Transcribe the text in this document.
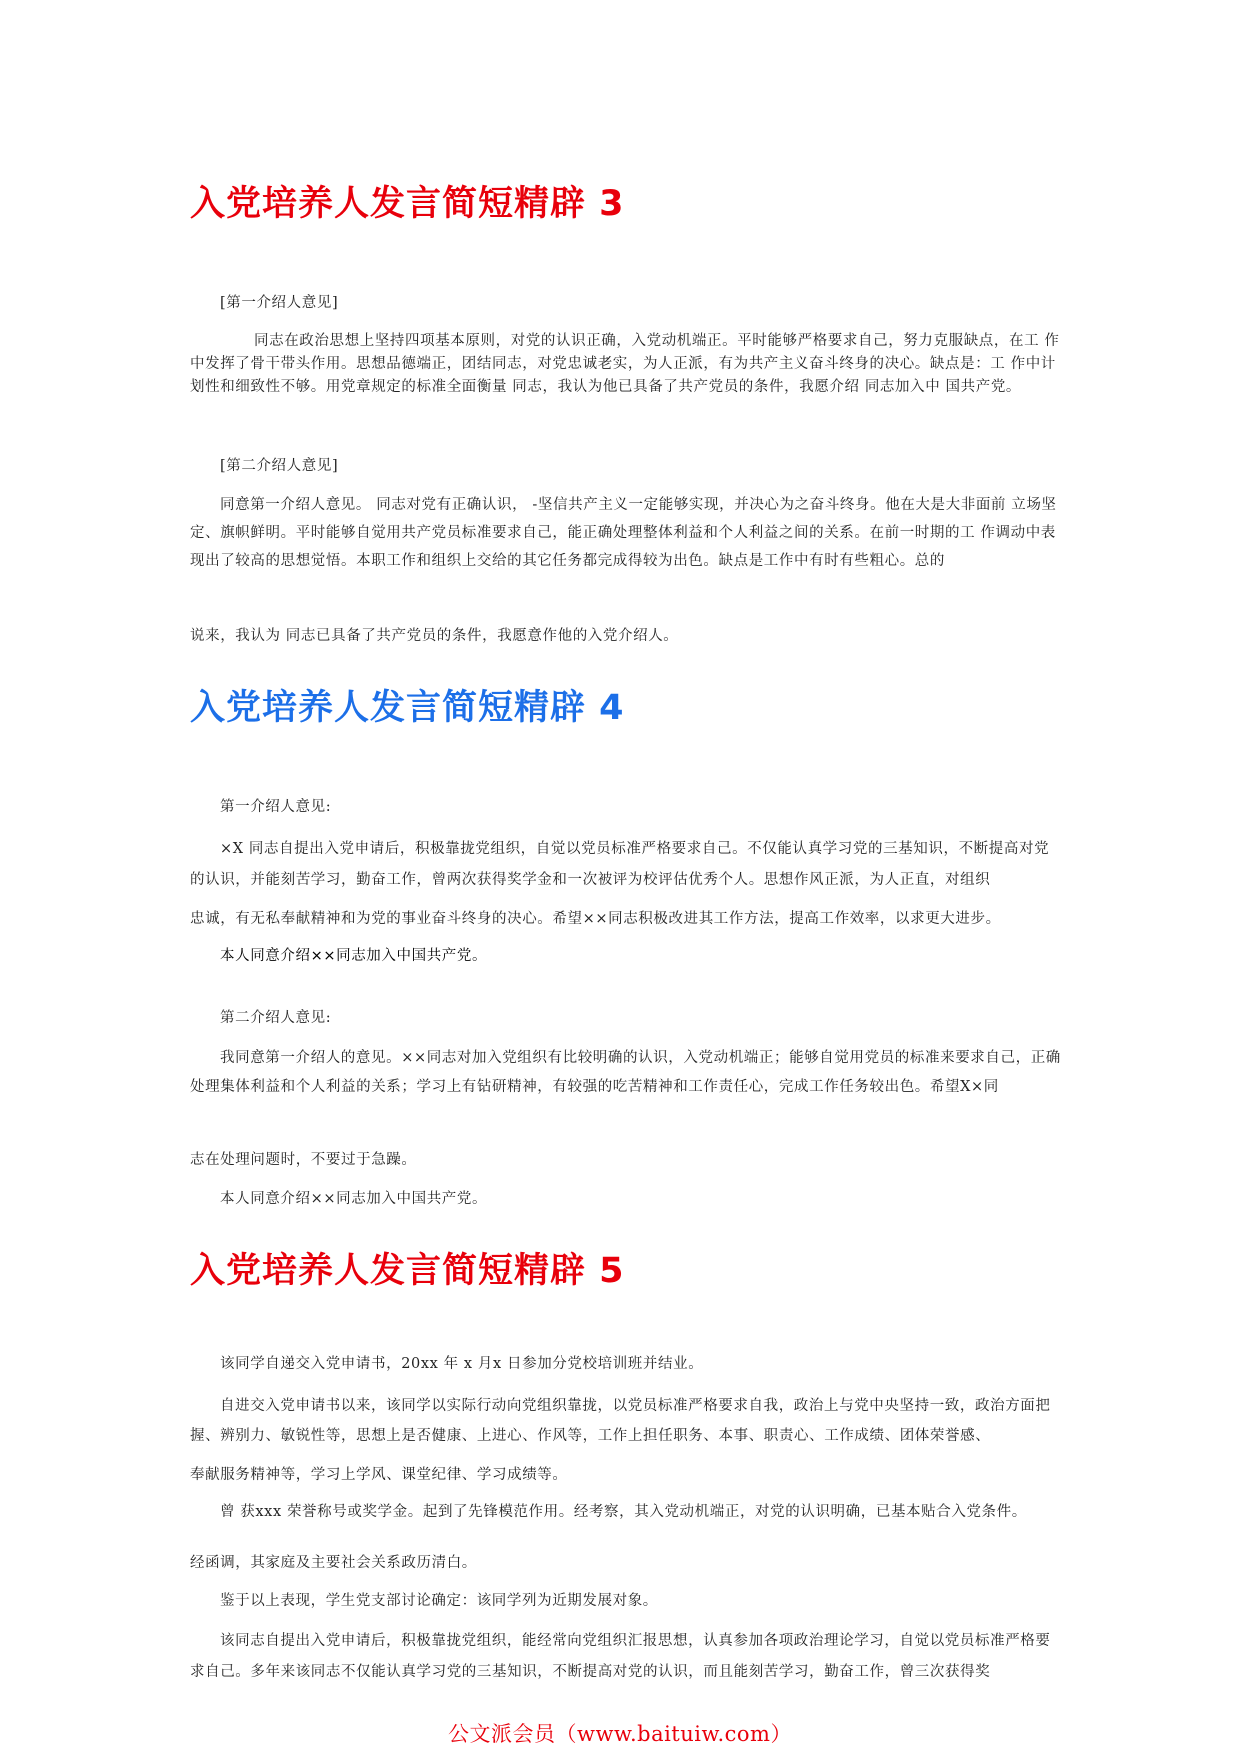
入党培养人发言简短精辟 3

[第一介绍人意见]

同志在政治思想上坚持四项基本原则，对党的认识正确，入党动机端正。平时能够严格要求自己，努力克服缺点，在工 作中发挥了骨干带头作用。思想品德端正，团结同志，对党忠诚老实，为人正派，有为共产主义奋斗终身的决心。缺点是：工 作中计划性和细致性不够。用党章规定的标准全面衡量 同志，我认为他已具备了共产党员的条件，我愿介绍 同志加入中 国共产党。

[第二介绍人意见]

同意第一介绍人意见。 同志对党有正确认识， -坚信共产主义一定能够实现，并决心为之奋斗终身。他在大是大非面前 立场坚定、旗帜鲜明。平时能够自觉用共产党员标准要求自己，能正确处理整体利益和个人利益之间的关系。在前一时期的工 作调动中表现出了较高的思想觉悟。本职工作和组织上交给的其它任务都完成得较为出色。缺点是工作中有时有些粗心。总的

说来，我认为 同志已具备了共产党员的条件，我愿意作他的入党介绍人。

入党培养人发言简短精辟 4

第一介绍人意见:

×X 同志自提出入党申请后，积极靠拢党组织，自觉以党员标准严格要求自己。不仅能认真学习党的三基知识，不断提高对党的认识，并能刻苦学习，勤奋工作，曾两次获得奖学金和一次被评为校评估优秀个人。思想作风正派，为人正直，对组织

忠诚，有无私奉献精神和为党的事业奋斗终身的决心。希望××同志积极改进其工作方法，提高工作效率，以求更大进步。

本人同意介绍××同志加入中国共产党。

第二介绍人意见:

我同意第一介绍人的意见。××同志对加入党组织有比较明确的认识，入党动机端正；能够自觉用党员的标准来要求自己，正确处理集体利益和个人利益的关系；学习上有钻研精神，有较强的吃苦精神和工作责任心，完成工作任务较出色。希望X×同

志在处理问题时，不要过于急躁。

本人同意介绍××同志加入中国共产党。

入党培养人发言简短精辟 5

该同学自递交入党申请书，20xx 年 x 月x 日参加分党校培训班并结业。

自进交入党申请书以来，该同学以实际行动向党组织靠拢，以党员标准严格要求自我，政治上与党中央坚持一致，政治方面把握、辨别力、敏锐性等，思想上是否健康、上进心、作风等，工作上担任职务、本事、职责心、工作成绩、团体荣誉感、

奉献服务精神等，学习上学风、课堂纪律、学习成绩等。

曾 获xxx 荣誉称号或奖学金。起到了先锋模范作用。经考察，其入党动机端正，对党的认识明确，已基本贴合入党条件。

经函调，其家庭及主要社会关系政历清白。

鉴于以上表现，学生党支部讨论确定：该同学列为近期发展对象。

该同志自提出入党申请后，积极靠拢党组织，能经常向党组织汇报思想，认真参加各项政治理论学习，自觉以党员标准严格要求自己。多年来该同志不仅能认真学习党的三基知识，不断提高对党的认识，而且能刻苦学习，勤奋工作，曾三次获得奖

公文派会员（www.baituiw.com）
